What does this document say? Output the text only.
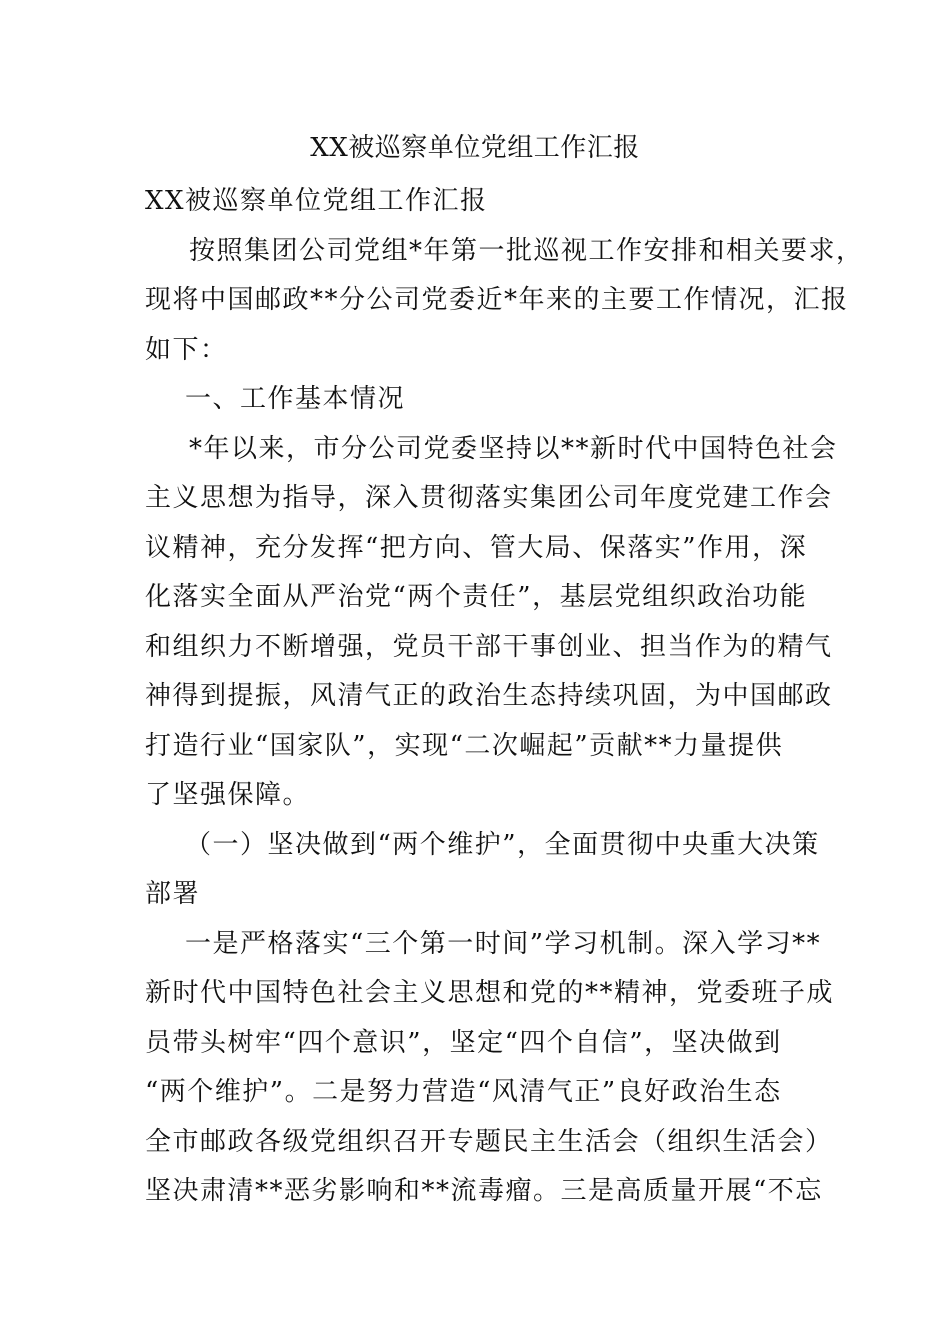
XX被巡察单位党组工作汇报
XX被巡察单位党组工作汇报
按照集团公司党组*年第一批巡视工作安排和相关要求，
现将中国邮政**分公司党委近*年来的主要工作情况，汇报
如下：
一、工作基本情况
*年以来，市分公司党委坚持以**新时代中国特色社会
主义思想为指导，深入贯彻落实集团公司年度党建工作会
议精神，充分发挥“把方向、管大局、保落实”作用，深
化落实全面从严治党“两个责任”，基层党组织政治功能
和组织力不断增强，党员干部干事创业、担当作为的精气
神得到提振，风清气正的政治生态持续巩固，为中国邮政
打造行业“国家队”，实现“二次崛起”贡献**力量提供
了坚强保障。
（一）坚决做到“两个维护”，全面贯彻中央重大决策
部署
一是严格落实“三个第一时间”学习机制。深入学习**
新时代中国特色社会主义思想和党的**精神，党委班子成
员带头树牢“四个意识”，坚定“四个自信”，坚决做到
“两个维护”。二是努力营造“风清气正”良好政治生态
全市邮政各级党组织召开专题民主生活会（组织生活会）
坚决肃清**恶劣影响和**流毒瘤。三是高质量开展“不忘
